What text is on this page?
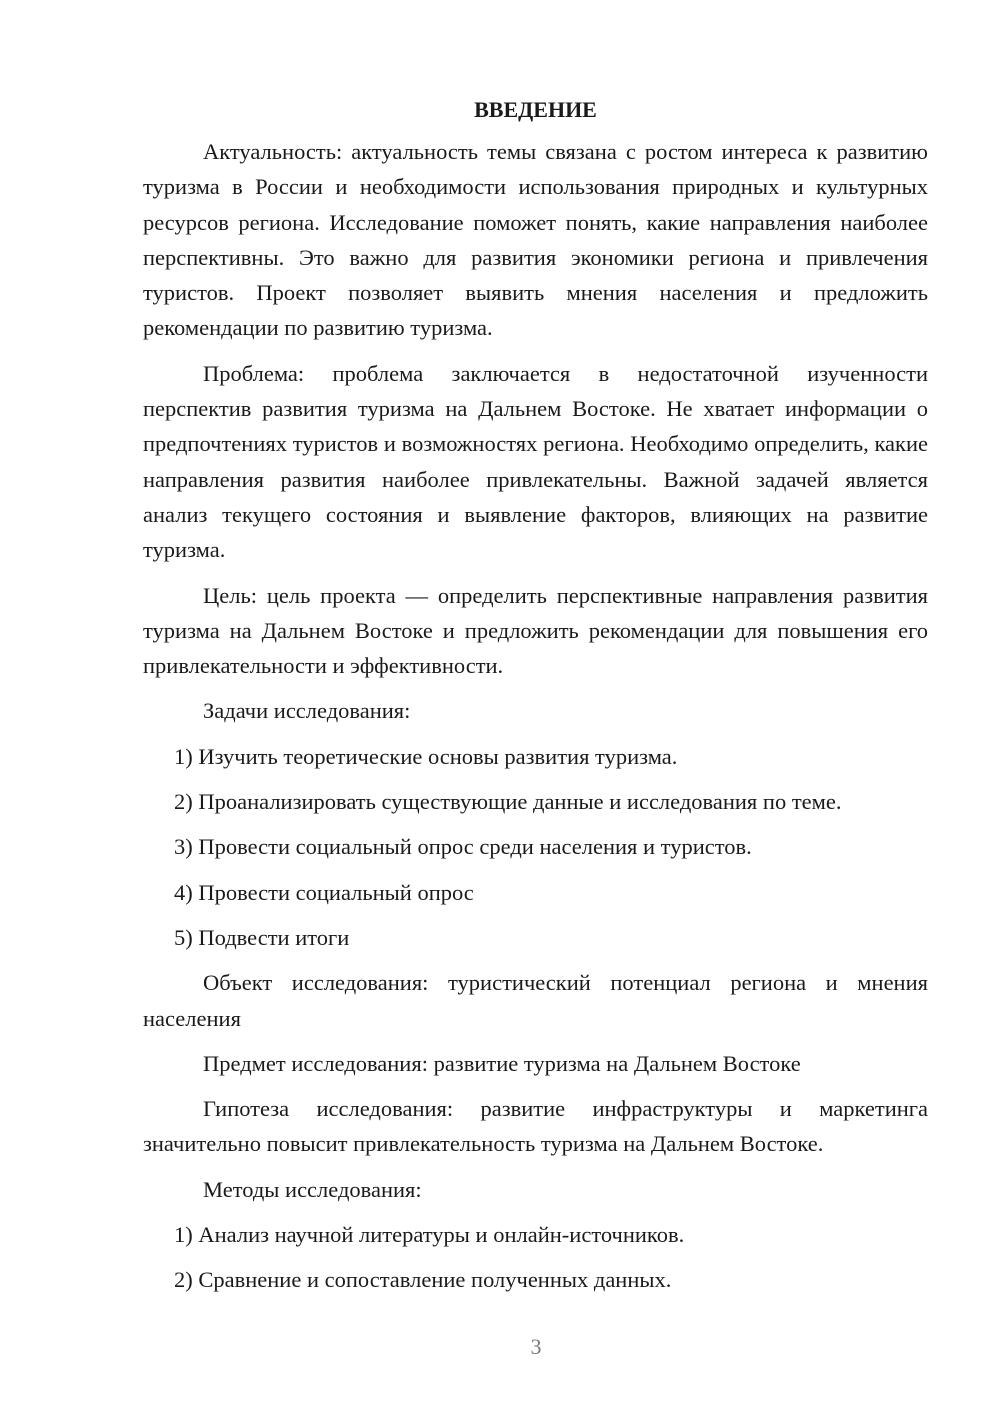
ВВЕДЕНИЕ

Актуальность: актуальность темы связана с ростом интереса к развитию туризма в России и необходимости использования природных и культурных ресурсов региона. Исследование поможет понять, какие направления наиболее перспективны. Это важно для развития экономики региона и привлечения туристов. Проект позволяет выявить мнения населения и предложить рекомендации по развитию туризма.

Проблема: проблема заключается в недостаточной изученности перспектив развития туризма на Дальнем Востоке. Не хватает информации о предпочтениях туристов и возможностях региона. Необходимо определить, какие направления развития наиболее привлекательны. Важной задачей является анализ текущего состояния и выявление факторов, влияющих на развитие туризма.

Цель: цель проекта — определить перспективные направления развития туризма на Дальнем Востоке и предложить рекомендации для повышения его привлекательности и эффективности.

Задачи исследования:
1) Изучить теоретические основы развития туризма.
2) Проанализировать существующие данные и исследования по теме.
3) Провести социальный опрос среди населения и туристов.
4) Провести социальный опрос
5) Подвести итоги

Объект исследования: туристический потенциал региона и мнения населения

Предмет исследования: развитие туризма на Дальнем Востоке

Гипотеза исследования: развитие инфраструктуры и маркетинга значительно повысит привлекательность туризма на Дальнем Востоке.

Методы исследования:
1) Анализ научной литературы и онлайн-источников.
2) Сравнение и сопоставление полученных данных.
3
